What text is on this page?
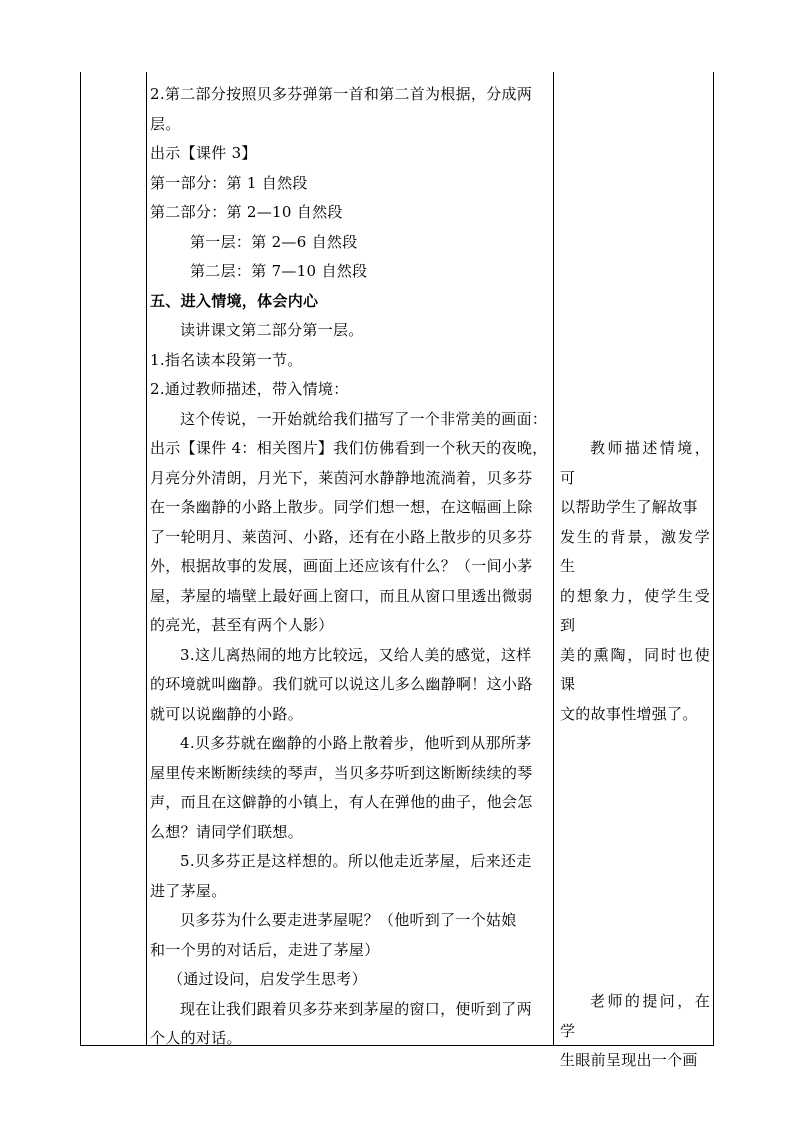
2.第二部分按照贝多芬弹第一首和第二首为根据，分成两

层。

出示【课件 3】

第一部分：第 1 自然段

第二部分：第 2—10 自然段

第一层：第 2—6 自然段

第二层：第 7—10 自然段

五、进入情境，体会内心

读讲课文第二部分第一层。

1.指名读本段第一节。

2.通过教师描述，带入情境：

这个传说，一开始就给我们描写了一个非常美的画面：

出示【课件 4：相关图片】我们仿佛看到一个秋天的夜晚，

月亮分外清朗，月光下，莱茵河水静静地流淌着，贝多芬

在一条幽静的小路上散步。同学们想一想，在这幅画上除

了一轮明月、莱茵河、小路，还有在小路上散步的贝多芬

外，根据故事的发展，画面上还应该有什么？（一间小茅

屋，茅屋的墙壁上最好画上窗口，而且从窗口里透出微弱

的亮光，甚至有两个人影）

3.这儿离热闹的地方比较远，又给人美的感觉，这样

的环境就叫幽静。我们就可以说这儿多么幽静啊！这小路

就可以说幽静的小路。

4.贝多芬就在幽静的小路上散着步，他听到从那所茅

屋里传来断断续续的琴声，当贝多芬听到这断断续续的琴

声，而且在这僻静的小镇上，有人在弹他的曲子，他会怎

么想？请同学们联想。

5.贝多芬正是这样想的。所以他走近茅屋，后来还走

进了茅屋。

贝多芬为什么要走进茅屋呢？（他听到了一个姑娘

和一个男的对话后，走进了茅屋）

（通过设问，启发学生思考）

现在让我们跟着贝多芬来到茅屋的窗口，便听到了两

个人的对话。

教师描述情境，可

以帮助学生了解故事

发生的背景，激发学生

的想象力，使学生受到

美的熏陶，同时也使课

文的故事性增强了。

老师的提问，在学

生眼前呈现出一个画
